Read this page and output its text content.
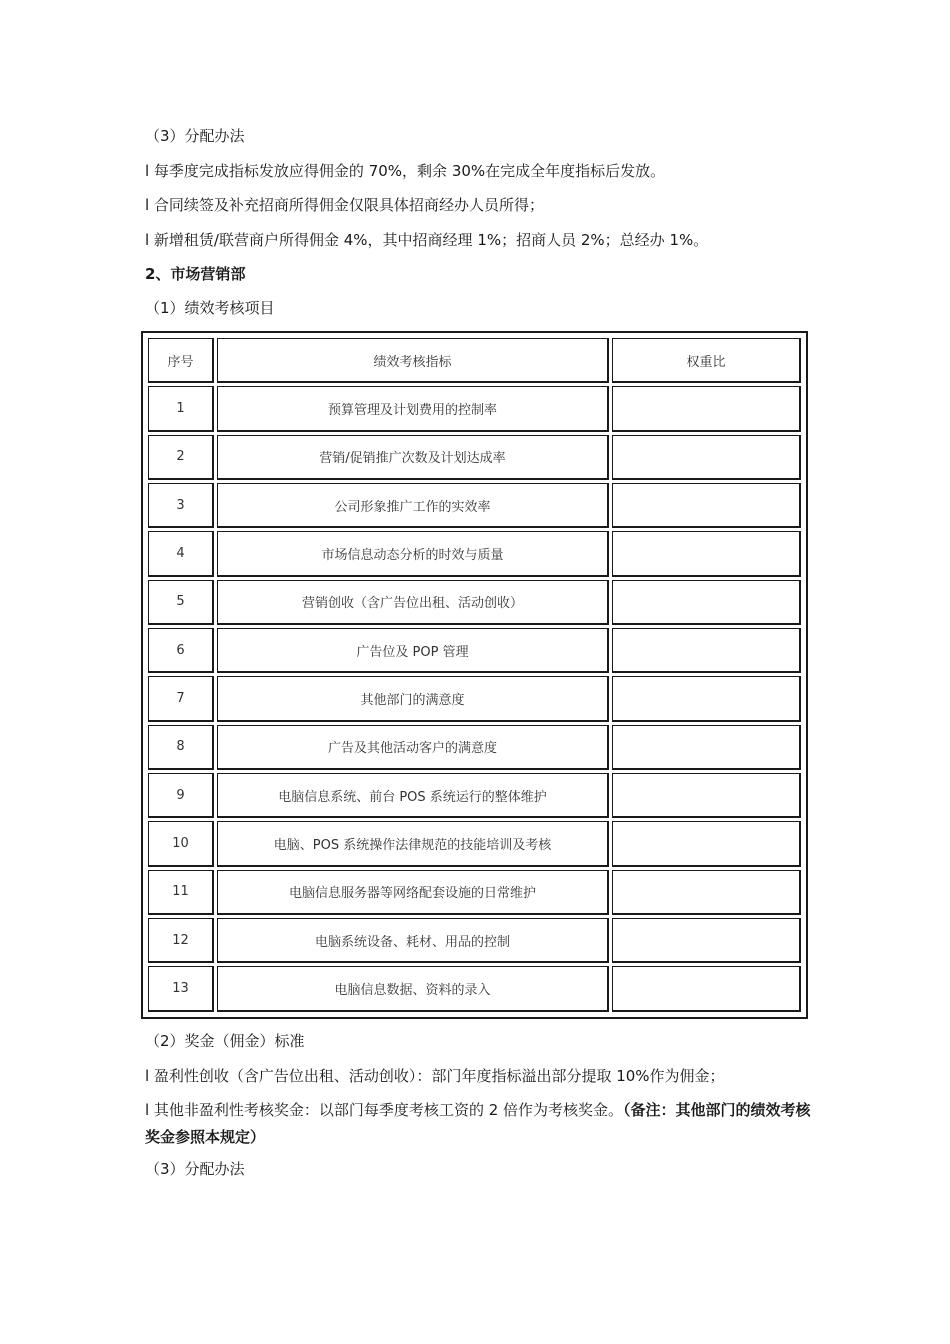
（3）分配办法
l 每季度完成指标发放应得佣金的 70%，剩余 30%在完成全年度指标后发放。
l 合同续签及补充招商所得佣金仅限具体招商经办人员所得；
l 新增租赁/联营商户所得佣金 4%，其中招商经理 1%；招商人员 2%；总经办 1%。
2、市场营销部
（1）绩效考核项目
序号	绩效考核指标	权重比
1	预算管理及计划费用的控制率	
2	营销/促销推广次数及计划达成率	
3	公司形象推广工作的实效率	
4	市场信息动态分析的时效与质量	
5	营销创收（含广告位出租、活动创收）	
6	广告位及 POP 管理	
7	其他部门的满意度	
8	广告及其他活动客户的满意度	
9	电脑信息系统、前台 POS 系统运行的整体维护	
10	电脑、POS 系统操作法律规范的技能培训及考核	
11	电脑信息服务器等网络配套设施的日常维护	
12	电脑系统设备、耗材、用品的控制	
13	电脑信息数据、资料的录入	
（2）奖金（佣金）标准
l 盈利性创收（含广告位出租、活动创收）：部门年度指标溢出部分提取 10%作为佣金；
l 其他非盈利性考核奖金：以部门每季度考核工资的 2 倍作为考核奖金。（备注：其他部门的绩效考核奖金参照本规定）
（3）分配办法
